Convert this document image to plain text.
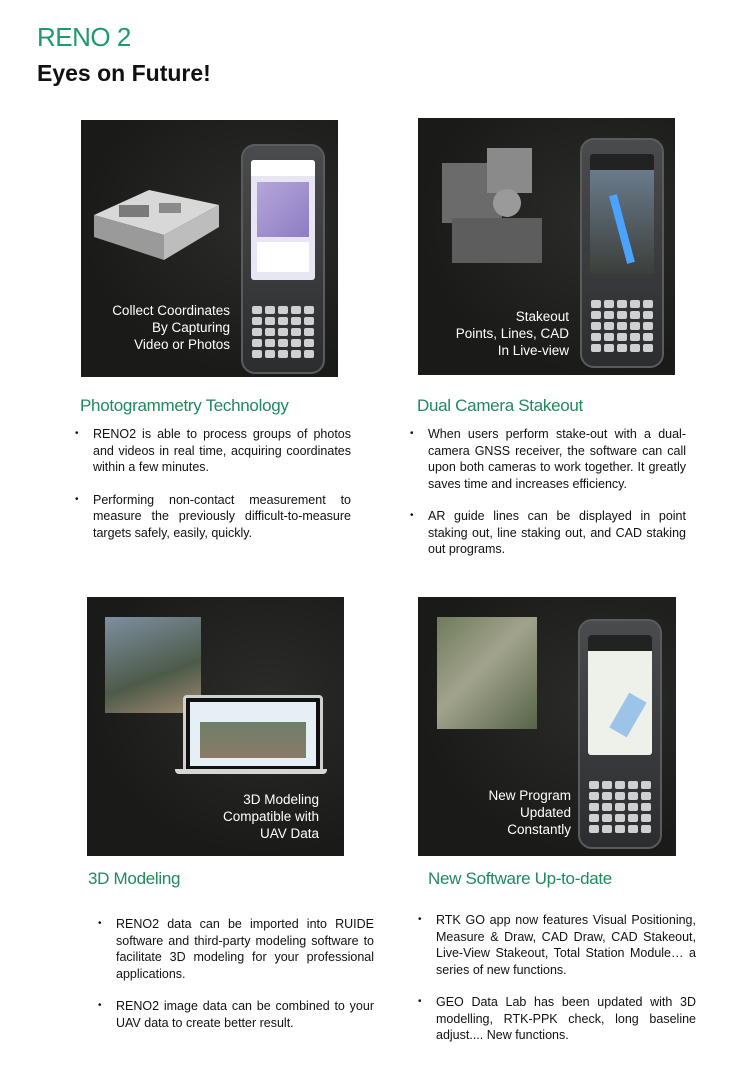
RENO 2
Eyes on Future!
Collect Coordinates
By Capturing
Video or Photos
Photogrammetry Technology
• RENO2 is able to process groups of photos and videos in real time, acquiring coordinates within a few minutes.
• Performing non-contact measurement to measure the previously difficult-to-measure targets safely, easily, quickly.
Stakeout
Points, Lines, CAD
In Live-view
Dual Camera Stakeout
• When users perform stake-out with a dual-camera GNSS receiver, the software can call upon both cameras to work together. It greatly saves time and increases efficiency.
• AR guide lines can be displayed in point staking out, line staking out, and CAD staking out programs.
3D Modeling
Compatible with
UAV Data
3D Modeling
• RENO2 data can be imported into RUIDE software and third-party modeling software to facilitate 3D modeling for your professional applications.
• RENO2 image data can be combined to your UAV data to create better result.
New Program
Updated
Constantly
New Software Up-to-date
• RTK GO app now features Visual Positioning, Measure & Draw, CAD Draw, CAD Stakeout, Live-View Stakeout, Total Station Module… a series of new functions.
• GEO Data Lab has been updated with 3D modelling, RTK-PPK check, long baseline adjust.... New functions.
